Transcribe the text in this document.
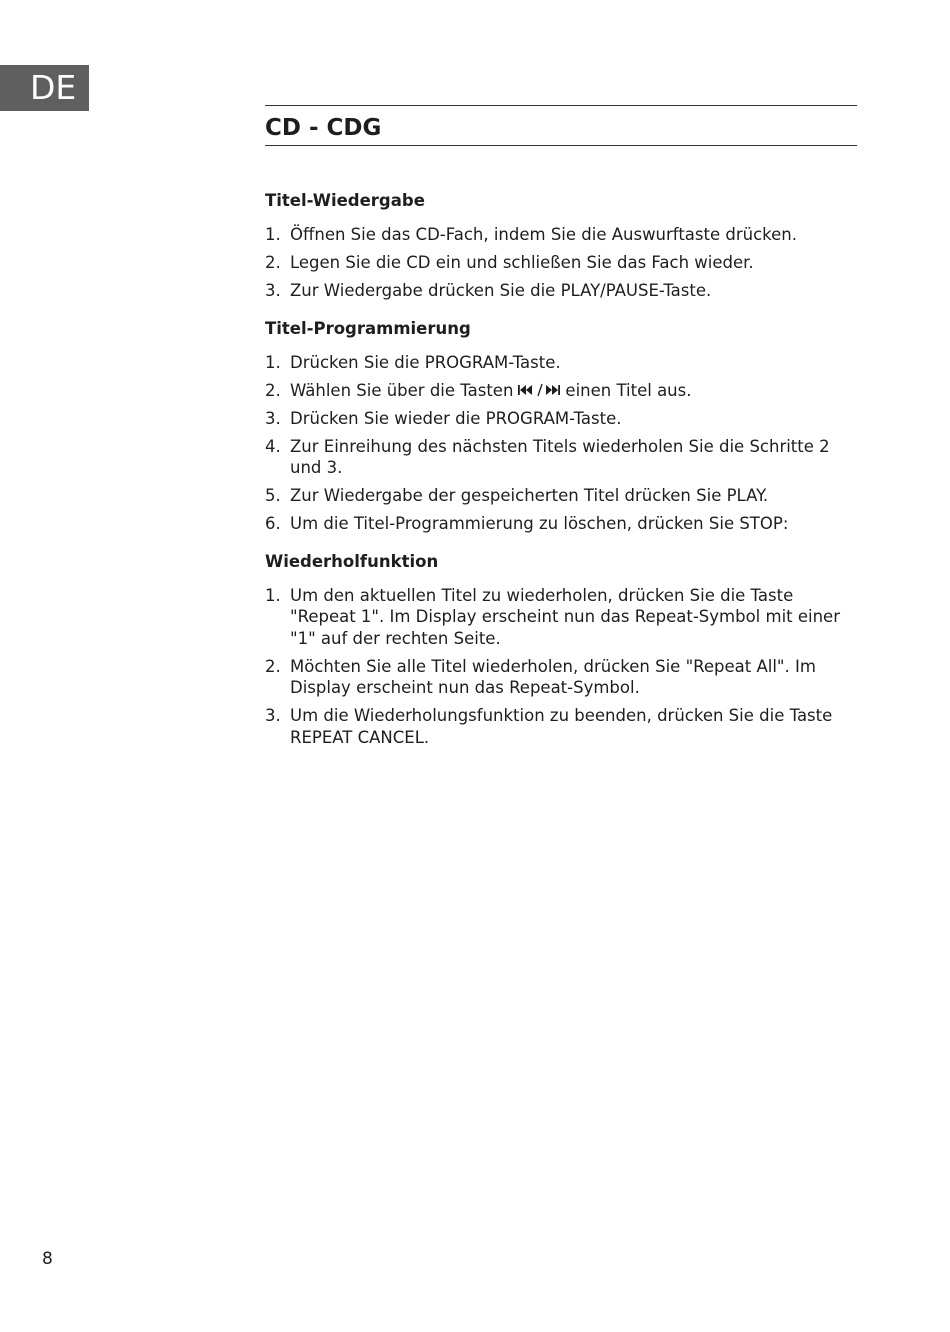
DE
CD - CDG
Titel-Wiedergabe
1. Öffnen Sie das CD-Fach, indem Sie die Auswurftaste drücken.
2. Legen Sie die CD ein und schließen Sie das Fach wieder.
3. Zur Wiedergabe drücken Sie die PLAY/PAUSE-Taste.
Titel-Programmierung
1. Drücken Sie die PROGRAM-Taste.
2. Wählen Sie über die Tasten	einen Titel aus.
3. Drücken Sie wieder die PROGRAM-Taste.
4. Zur Einreihung des nächsten Titels wiederholen Sie die Schritte 2 und 3.
5. Zur Wiedergabe der gespeicherten Titel drücken Sie PLAY.
6. Um die Titel-Programmierung zu löschen, drücken Sie STOP:
Wiederholfunktion
1. Um den aktuellen Titel zu wiederholen, drücken Sie die Taste "Repeat 1". Im Display erscheint nun das Repeat-Symbol mit einer "1" auf der rechten Seite.
2. Möchten Sie alle Titel wiederholen, drücken Sie "Repeat All". Im Display erscheint nun das Repeat-Symbol.
3. Um die Wiederholungsfunktion zu beenden, drücken Sie die Taste REPEAT CANCEL.
8
